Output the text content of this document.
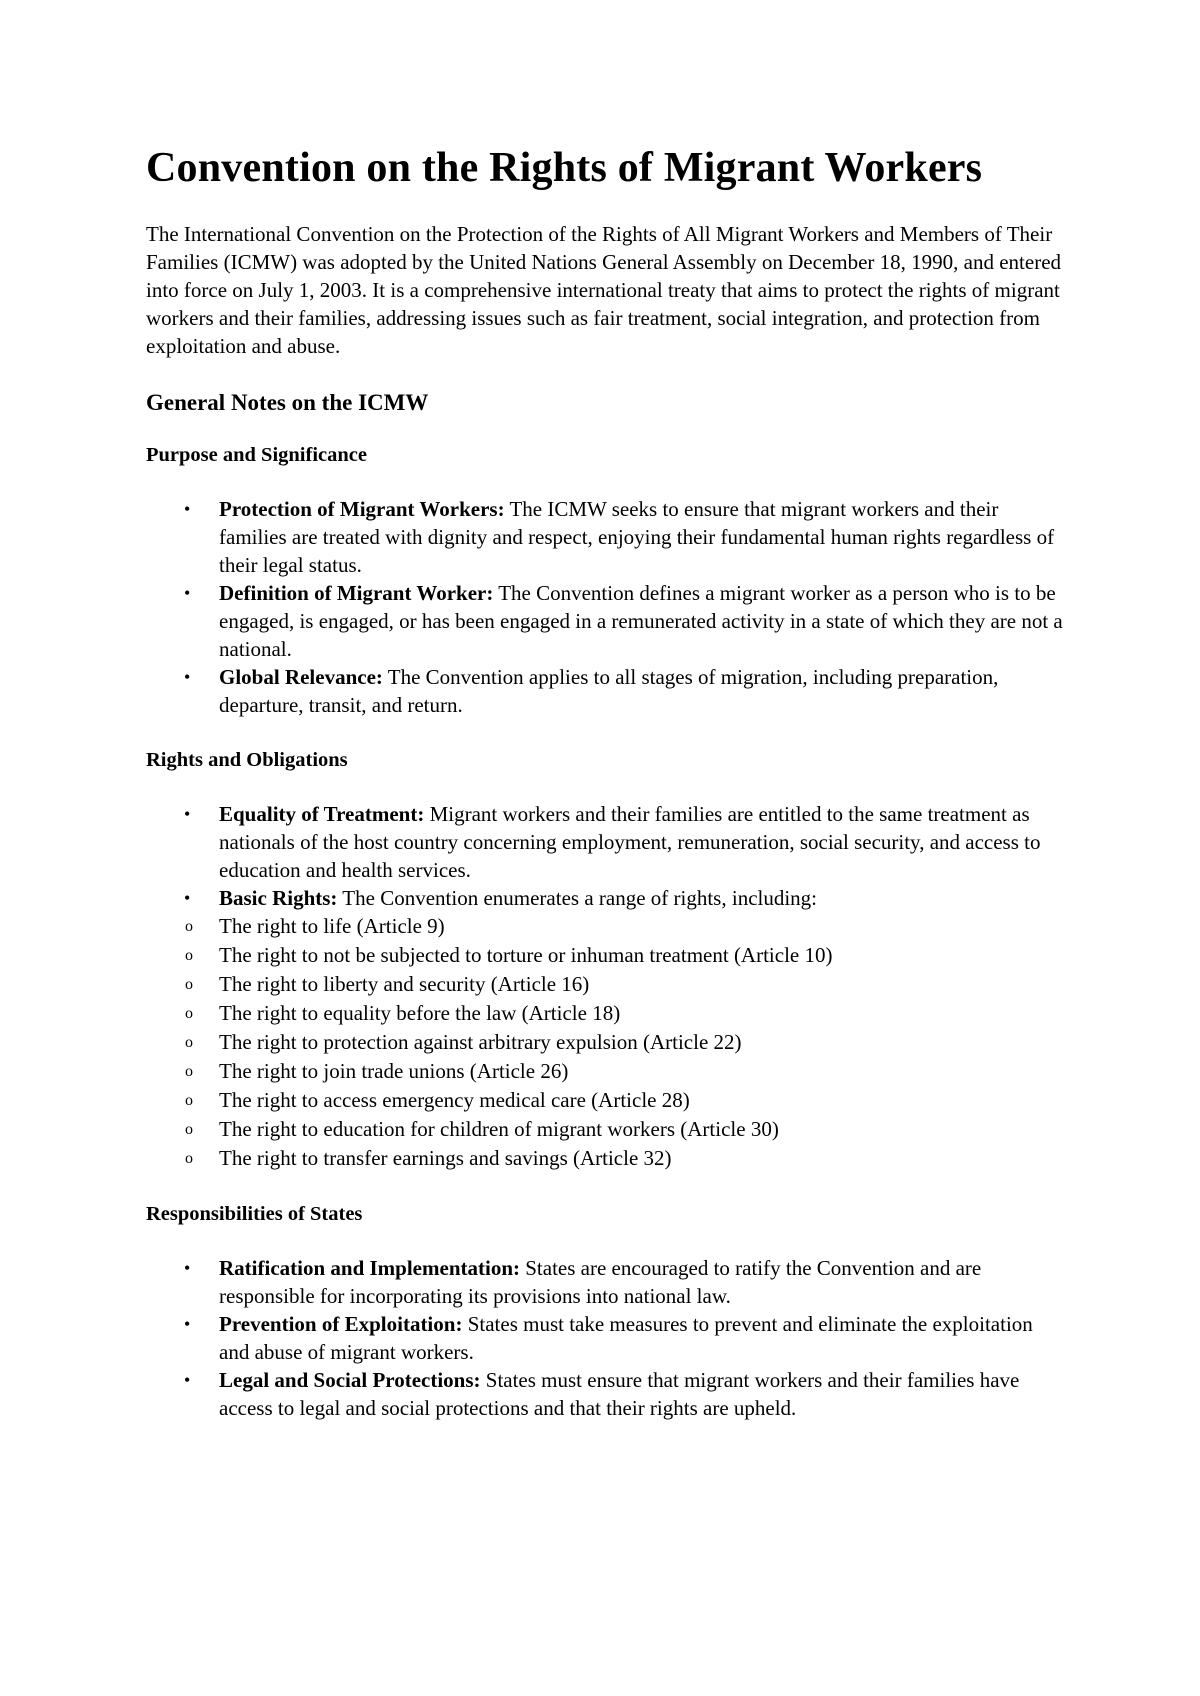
Convention on the Rights of Migrant Workers

The International Convention on the Protection of the Rights of All Migrant Workers and Members of Their Families (ICMW) was adopted by the United Nations General Assembly on December 18, 1990, and entered into force on July 1, 2003. It is a comprehensive international treaty that aims to protect the rights of migrant workers and their families, addressing issues such as fair treatment, social integration, and protection from exploitation and abuse.

General Notes on the ICMW
Purpose and Significance
•	Protection of Migrant Workers: The ICMW seeks to ensure that migrant workers and their families are treated with dignity and respect, enjoying their fundamental human rights regardless of their legal status.
•	Definition of Migrant Worker: The Convention defines a migrant worker as a person who is to be engaged, is engaged, or has been engaged in a remunerated activity in a state of which they are not a national.
•	Global Relevance: The Convention applies to all stages of migration, including preparation, departure, transit, and return.
Rights and Obligations
•	Equality of Treatment: Migrant workers and their families are entitled to the same treatment as nationals of the host country concerning employment, remuneration, social security, and access to education and health services.
•	Basic Rights: The Convention enumerates a range of rights, including:
o The right to life (Article 9)
o The right to not be subjected to torture or inhuman treatment (Article 10)
o The right to liberty and security (Article 16)
o The right to equality before the law (Article 18)
o The right to protection against arbitrary expulsion (Article 22)
o The right to join trade unions (Article 26)
o The right to access emergency medical care (Article 28)
o The right to education for children of migrant workers (Article 30)
o The right to transfer earnings and savings (Article 32)
Responsibilities of States
•	Ratification and Implementation: States are encouraged to ratify the Convention and are responsible for incorporating its provisions into national law.
•	Prevention of Exploitation: States must take measures to prevent and eliminate the exploitation and abuse of migrant workers.
•	Legal and Social Protections: States must ensure that migrant workers and their families have access to legal and social protections and that their rights are upheld.
